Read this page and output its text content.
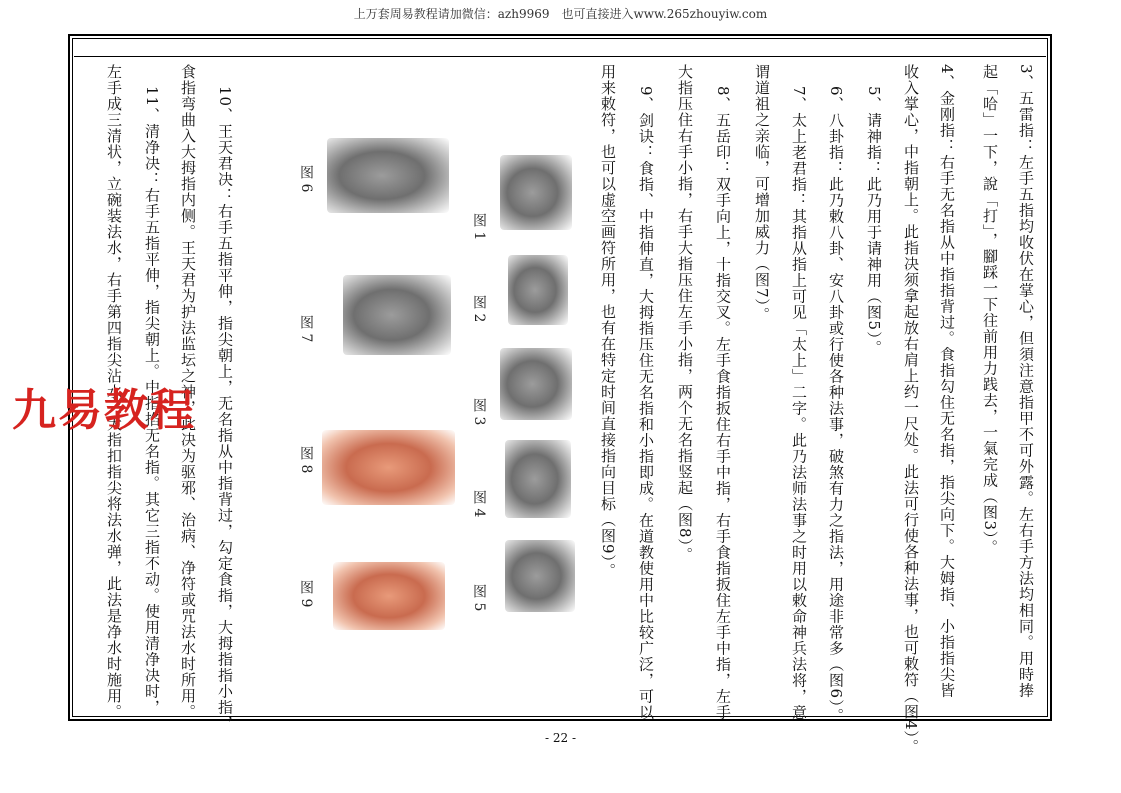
上万套周易教程请加微信：azh9969　也可直接进入www.265zhouyiw.com
3、五雷指：左手五指均收伏在掌心，但須注意指甲不可外露。左右手方法均相同。用時捧
起「哈」一下，說「打」，腳踩一下往前用力践去，一氣完成（图3）。
4、金刚指：右手无名指从中指指背过。食指勾住无名指，指尖向下。大姆指、小指指尖皆
收入掌心，中指朝上。此指决须拿起放右肩上约一尺处。此法可行使各种法事，也可敕符（图4）。
5、请神指：此乃用于请神用（图5）。
6、八卦指：此乃敕八卦、安八卦或行使各种法事，破煞有力之指法，用途非常多（图6）。
7、太上老君指：其指从指上可见「太上」二字。此乃法师法事之时用以敕命神兵法将，意
谓道祖之亲临，可增加威力（图7）。
8、五岳印：双手向上，十指交叉。左手食指扳住右手中指，右手食指扳住左手中指，左手
大指压住右手小指，右手大指压住左手小指，两个无名指竖起（图8）。
9、剑诀：食指、中指伸直，大拇指压住无名指和小指即成。在道教使用中比较广泛，可以
用来敕符，也可以虚空画符所用，也有在特定时间直接指向目标（图9）。
图 1
图 2
图 3
图 4
图 5
图 6
图 7
图 8
图 9
10、王天君决：右手五指平伸，指尖朝上，无名指从中指背过，勾定食指，大拇指指小指，
食指弯曲入大拇指内侧。王天君为护法监坛之神，此决为驱邪、治病、净符或咒法水时所用。
11、清净决：右手五指平伸，指尖朝上。中指掐无名指。其它三指不动。使用清净决时，
左手成三清状，立碗装法水，右手第四指尖沾水，大指扣指尖将法水弹，此法是净水时施用。
九易教程
- 22 -
